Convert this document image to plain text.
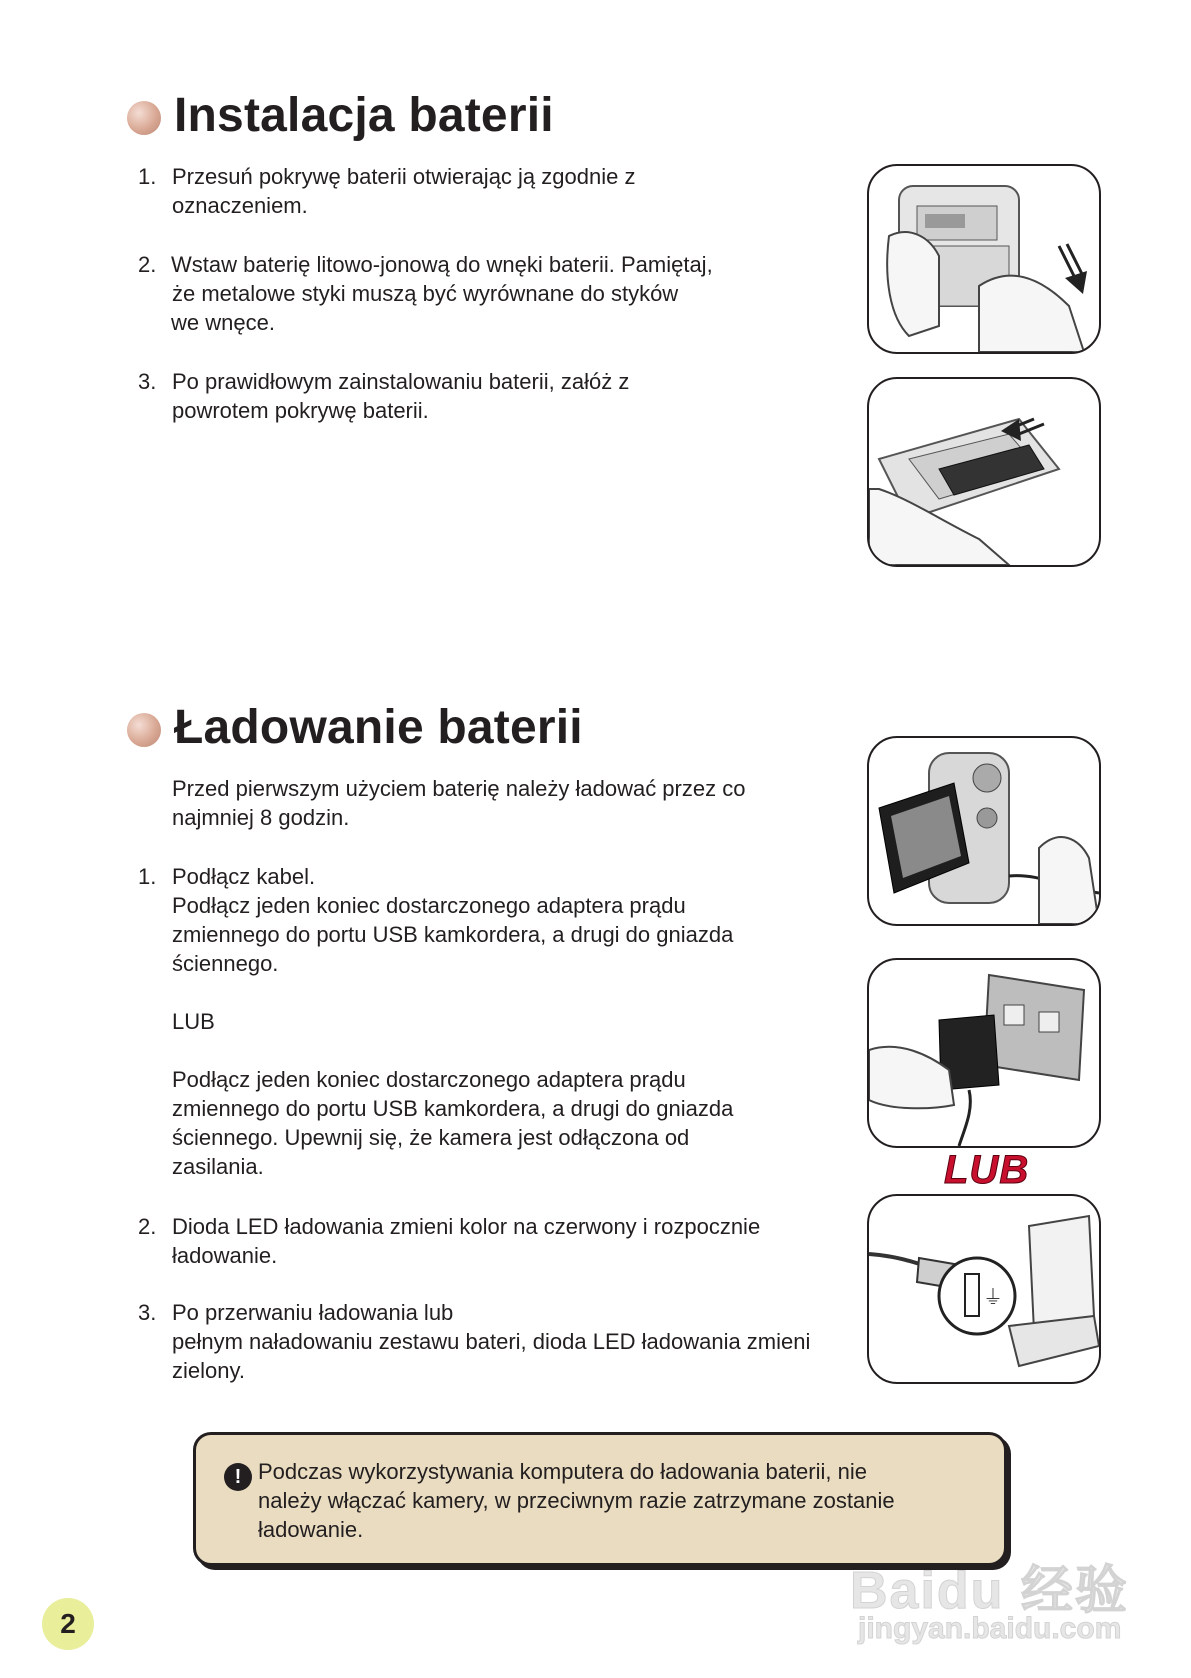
Instalacja baterii
1. Przesuń pokrywę baterii otwierając ją zgodnie z
oznaczeniem.
2. Wstaw baterię litowo-jonową do wnęki baterii. Pamiętaj,
że metalowe styki muszą być wyrównane do styków
we wnęce.
3. Po prawidłowym zainstalowaniu baterii, załóż z
powrotem pokrywę baterii.
Ładowanie baterii
Przed pierwszym użyciem baterię należy ładować przez co
najmniej 8 godzin.
1. Podłącz kabel.
Podłącz jeden koniec dostarczonego adaptera prądu
zmiennego do portu USB kamkordera, a drugi do gniazda
ściennego.
LUB
Podłącz jeden koniec dostarczonego adaptera prądu
zmiennego do portu USB kamkordera, a drugi do gniazda
ściennego. Upewnij się, że kamera jest odłączona od
zasilania.
2. Dioda LED ładowania zmieni kolor na czerwony i rozpocznie
ładowanie.
3. Po przerwaniu ładowania lub
pełnym naładowaniu zestawu bateri, dioda LED ładowania zmieni
zielony.
LUB
⏚
! Podczas wykorzystywania komputera do ładowania baterii, nie
należy włączać kamery, w przeciwnym razie zatrzymane zostanie
ładowanie.
2
Baidu 经验
jingyan.baidu.com
